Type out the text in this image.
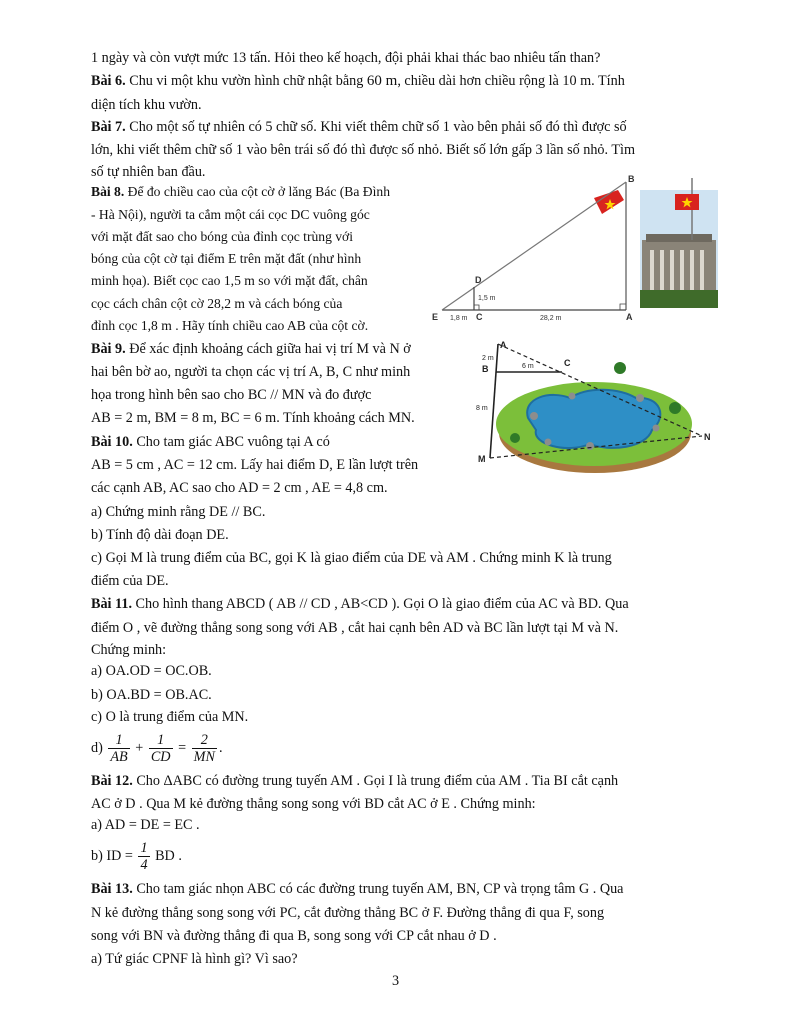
1 ngày và còn vượt mức 13 tấn. Hỏi theo kế hoạch, đội phải khai thác bao nhiêu tấn than?
Bài 6. Chu vi một khu vườn hình chữ nhật bằng 60 m, chiều dài hơn chiều rộng là 10 m. Tính
diện tích khu vườn.
Bài 7. Cho một số tự nhiên có 5 chữ số. Khi viết thêm chữ số 1 vào bên phải số đó thì được số
lớn, khi viết thêm chữ số 1 vào bên trái số đó thì được số nhỏ. Biết số lớn gấp 3 lần số nhỏ. Tìm
số tự nhiên ban đầu.
Bài 8. Để đo chiều cao của cột cờ ở lăng Bác (Ba Đình
- Hà Nội), người ta cắm một cái cọc DC vuông góc
với mặt đất sao cho bóng của đỉnh cọc trùng với
bóng của cột cờ tại điểm E trên mặt đất (như hình
minh họa). Biết cọc cao 1,5 m so với mặt đất, chân
cọc cách chân cột cờ 28,2 m và cách bóng của
đỉnh cọc 1,8 m . Hãy tính chiều cao AB của cột cờ.
B
D
E	C	A
1,5 m
1,8 m	28,2 m
Bài 9. Để xác định khoảng cách giữa hai vị trí M và N ở
hai bên bờ ao, người ta chọn các vị trí A, B, C như minh
họa trong hình bên sao cho BC // MN và đo được
AB = 2 m, BM = 8 m, BC = 6 m. Tính khoảng cách MN.
A
B
C
M
N
2 m
6 m
8 m
Bài 10. Cho tam giác ABC vuông tại A có
AB = 5 cm , AC = 12 cm. Lấy hai điểm D, E lần lượt trên
các cạnh AB, AC sao cho AD = 2 cm , AE = 4,8 cm.
a) Chứng minh rằng DE // BC.
b) Tính độ dài đoạn DE.
c) Gọi M là trung điểm của BC, gọi K là giao điểm của DE và AM . Chứng minh K là trung
điểm của DE.
Bài 11. Cho hình thang ABCD ( AB // CD , AB<CD ). Gọi O là giao điểm của AC và BD. Qua
điểm O , vẽ đường thẳng song song với AB , cắt hai cạnh bên AD và BC lần lượt tại M và N.
Chứng minh:
a) OA.OD = OC.OB.
b) OA.BD = OB.AC.
c) O là trung điểm của MN.
$d) \frac{1}{AB} + \frac{1}{CD} = \frac{2}{MN}$ .
Bài 12. Cho ΔABC có đường trung tuyến AM . Gọi I là trung điểm của AM . Tia BI cắt cạnh
AC ở D . Qua M kẻ đường thẳng song song với BD cắt AC ở E . Chứng minh:
a) AD = DE = EC .
b) ID = $\frac{1}{4}$ BD .
Bài 13. Cho tam giác nhọn ABC có các đường trung tuyến AM, BN, CP và trọng tâm G . Qua
N kẻ đường thẳng song song với PC, cắt đường thẳng BC ở F. Đường thẳng đi qua F, song
song với BN và đường thẳng đi qua B, song song với CP cắt nhau ở D .
a) Tứ giác CPNF là hình gì? Vì sao?
3
